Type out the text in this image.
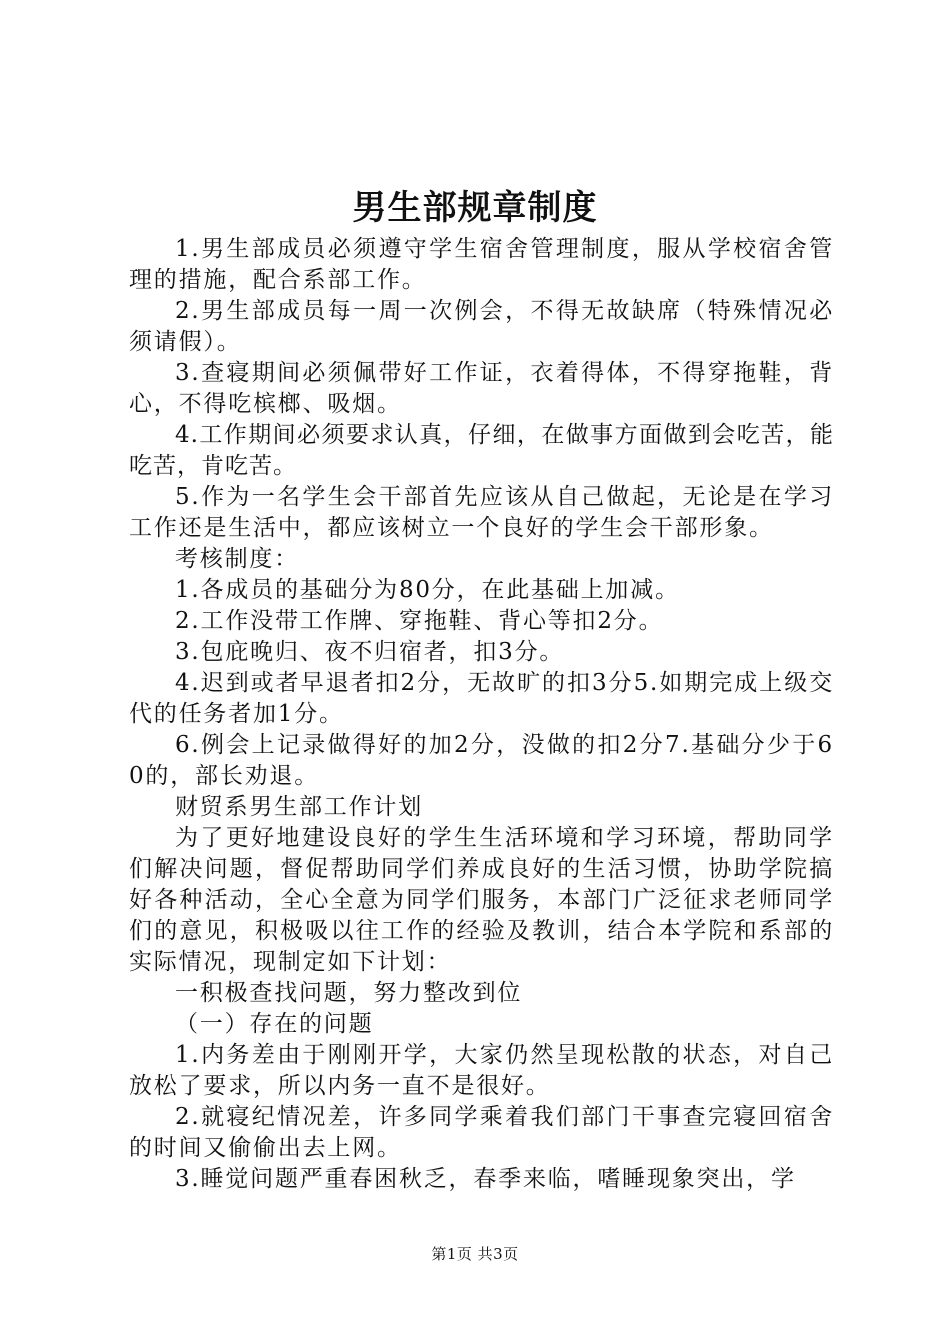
男生部规章制度

1.男生部成员必须遵守学生宿舍管理制度，服从学校宿舍管理的措施，配合系部工作。

2.男生部成员每一周一次例会，不得无故缺席（特殊情况必须请假）。

3.查寝期间必须佩带好工作证，衣着得体，不得穿拖鞋，背心，不得吃槟榔、吸烟。

4.工作期间必须要求认真，仔细，在做事方面做到会吃苦，能吃苦，肯吃苦。

5.作为一名学生会干部首先应该从自己做起，无论是在学习工作还是生活中，都应该树立一个良好的学生会干部形象。

考核制度：

1.各成员的基础分为80分，在此基础上加减。

2.工作没带工作牌、穿拖鞋、背心等扣2分。

3.包庇晚归、夜不归宿者，扣3分。

4.迟到或者早退者扣2分，无故旷的扣3分5.如期完成上级交代的任务者加1分。

6.例会上记录做得好的加2分，没做的扣2分7.基础分少于60的，部长劝退。

财贸系男生部工作计划

为了更好地建设良好的学生生活环境和学习环境，帮助同学们解决问题，督促帮助同学们养成良好的生活习惯，协助学院搞好各种活动，全心全意为同学们服务，本部门广泛征求老师同学们的意见，积极吸以往工作的经验及教训，结合本学院和系部的实际情况，现制定如下计划：

一积极查找问题，努力整改到位

（一）存在的问题

1.内务差由于刚刚开学，大家仍然呈现松散的状态，对自己放松了要求，所以内务一直不是很好。

2.就寝纪情况差，许多同学乘着我们部门干事查完寝回宿舍的时间又偷偷出去上网。

3.睡觉问题严重春困秋乏，春季来临，嗜睡现象突出，学

第1页 共3页
